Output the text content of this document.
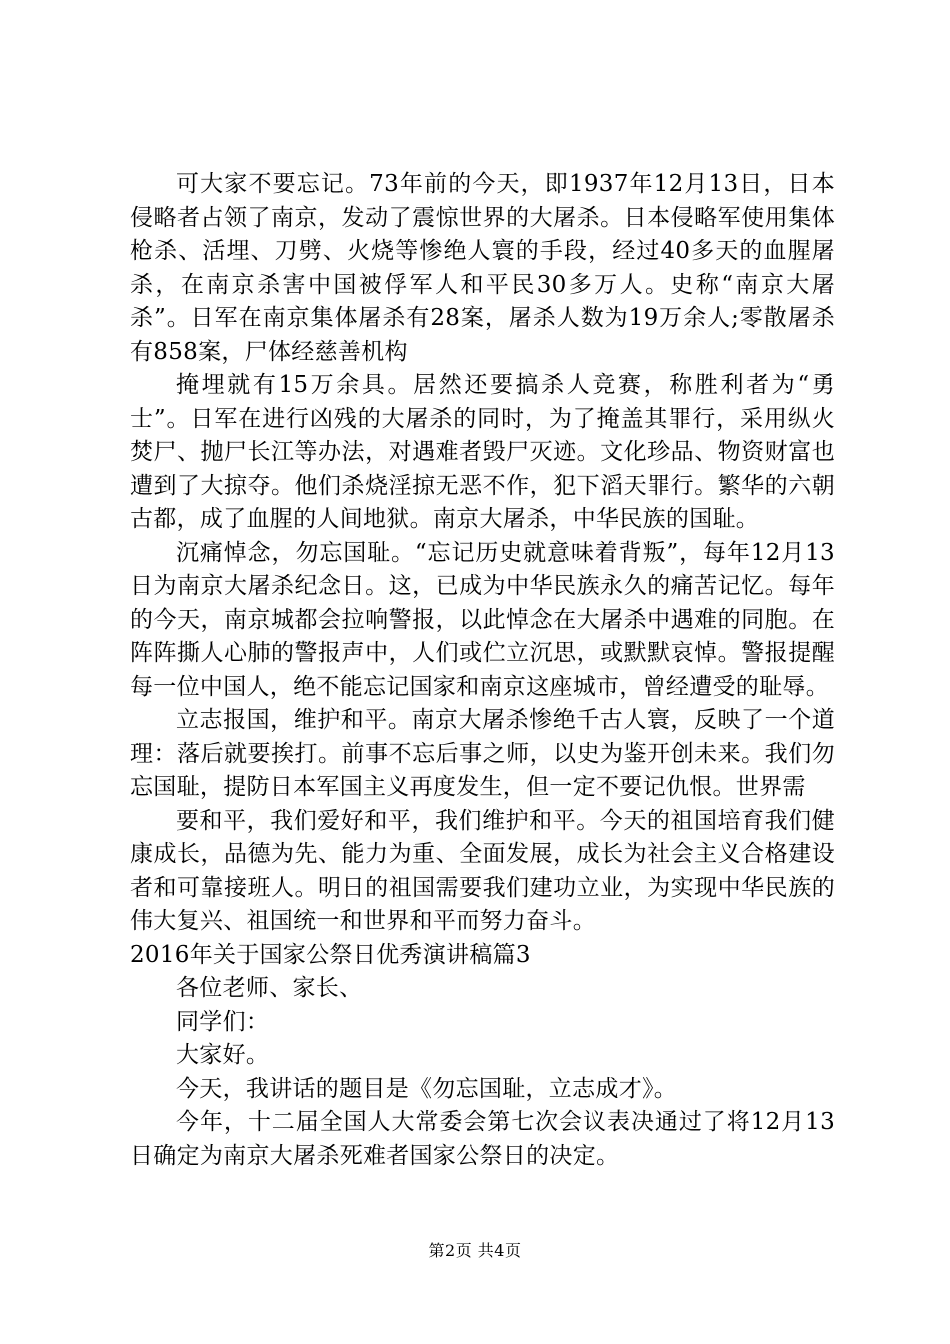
可大家不要忘记。73年前的今天，即1937年12月13日，日本侵略者占领了南京，发动了震惊世界的大屠杀。日本侵略军使用集体枪杀、活埋、刀劈、火烧等惨绝人寰的手段，经过40多天的血腥屠杀，在南京杀害中国被俘军人和平民30多万人。史称“南京大屠杀”。日军在南京集体屠杀有28案，屠杀人数为19万余人;零散屠杀有858案，尸体经慈善机构

掩埋就有15万余具。居然还要搞杀人竞赛，称胜利者为“勇士”。日军在进行凶残的大屠杀的同时，为了掩盖其罪行，采用纵火焚尸、抛尸长江等办法，对遇难者毁尸灭迹。文化珍品、物资财富也遭到了大掠夺。他们杀烧淫掠无恶不作，犯下滔天罪行。繁华的六朝古都，成了血腥的人间地狱。南京大屠杀，中华民族的国耻。

沉痛悼念，勿忘国耻。“忘记历史就意味着背叛”，每年12月13日为南京大屠杀纪念日。这，已成为中华民族永久的痛苦记忆。每年的今天，南京城都会拉响警报，以此悼念在大屠杀中遇难的同胞。在阵阵撕人心肺的警报声中，人们或伫立沉思，或默默哀悼。警报提醒每一位中国人，绝不能忘记国家和南京这座城市，曾经遭受的耻辱。

立志报国，维护和平。南京大屠杀惨绝千古人寰，反映了一个道理：落后就要挨打。前事不忘后事之师，以史为鉴开创未来。我们勿忘国耻，提防日本军国主义再度发生，但一定不要记仇恨。世界需

要和平，我们爱好和平，我们维护和平。今天的祖国培育我们健康成长，品德为先、能力为重、全面发展，成长为社会主义合格建设者和可靠接班人。明日的祖国需要我们建功立业，为实现中华民族的伟大复兴、祖国统一和世界和平而努力奋斗。

2016年关于国家公祭日优秀演讲稿篇3

各位老师、家长、

同学们：

大家好。

今天，我讲话的题目是《勿忘国耻，立志成才》。

今年，十二届全国人大常委会第七次会议表决通过了将12月13日确定为南京大屠杀死难者国家公祭日的决定。

第2页 共4页
